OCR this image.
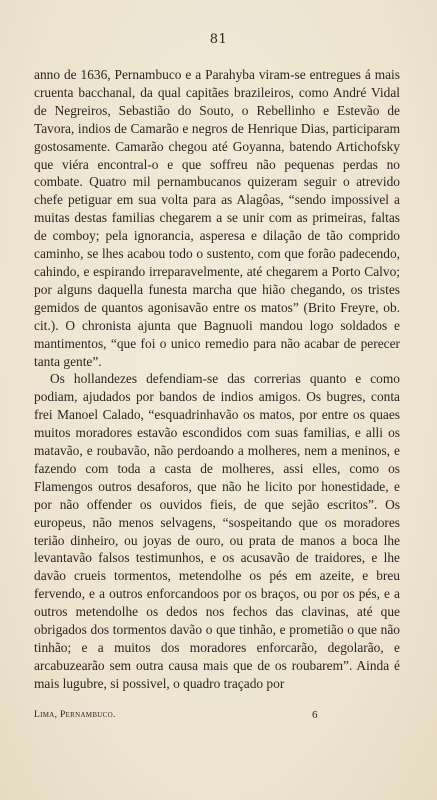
81

anno de 1636, Pernambuco e a Parahyba viram-se entregues á mais cruenta bacchanal, da qual capitães brazileiros, como André Vidal de Negreiros, Sebastião do Souto, o Rebellinho e Estevão de Tavora, indios de Camarão e negros de Henrique Dias, participaram gostosamente. Camarão chegou até Goyanna, batendo Artichofsky que viéra encontral-o e que soffreu não pequenas perdas no combate. Quatro mil pernambucanos quizeram seguir o atrevido chefe petiguar em sua volta para as Alagôas, “sendo impossivel a muitas destas familias chegarem a se unir com as primeiras, faltas de comboy; pela ignorancia, asperesa e dilação de tão comprido caminho, se lhes acabou todo o sustento, com que forão padecendo, cahindo, e espirando irreparavelmente, até chegarem a Porto Calvo; por alguns daquella funesta marcha que hião chegando, os tristes gemidos de quantos agonisavão entre os matos” (Brito Freyre, ob. cit.). O chronista ajunta que Bagnuoli mandou logo soldados e mantimentos, “que foi o unico remedio para não acabar de perecer tanta gente”.

Os hollandezes defendiam-se das correrias quanto e como podiam, ajudados por bandos de indios amigos. Os bugres, conta frei Manoel Calado, “esquadrinhavão os matos, por entre os quaes muitos moradores estavão escondidos com suas familias, e alli os matavão, e roubavão, não perdoando a molheres, nem a meninos, e fazendo com toda a casta de molheres, assi elles, como os Flamengos outros desaforos, que não he licito por honestidade, e por não offender os ouvidos fieis, de que sejão escritos”. Os europeus, não menos selvagens, “sospeitando que os moradores terião dinheiro, ou joyas de ouro, ou prata de manos a boca lhe levantavão falsos testimunhos, e os acusavão de traidores, e lhe davão crueis tormentos, metendolhe os pés em azeite, e breu fervendo, e a outros enforcandoos por os braços, ou por os pés, e a outros metendolhe os dedos nos fechos das clavinas, até que obrigados dos tormentos davão o que tinhão, e prometião o que não tinhão; e a muitos dos moradores enforcarão, degolarão, e arcabuzearão sem outra causa mais que de os roubarem”. Ainda é mais lugubre, si possivel, o quadro traçado por

Lima, Pernambuco.	6
